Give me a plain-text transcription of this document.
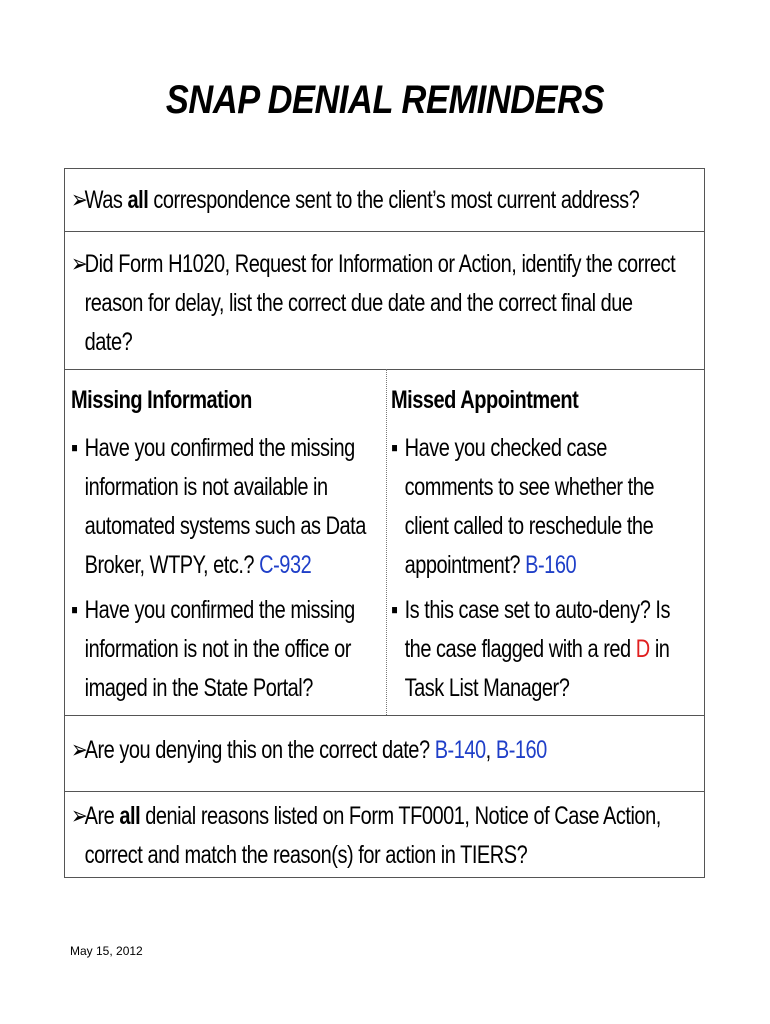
SNAP DENIAL REMINDERS
➢Was all correspondence sent to the client’s most current address?
➢Did Form H1020, Request for Information or Action, identify the correct
reason for delay, list the correct due date and the correct final due
date?
Missing Information
▪ Have you confirmed the missing
information is not available in
automated systems such as Data
Broker, WTPY, etc.? C-932
▪ Have you confirmed the missing
information is not in the office or
imaged in the State Portal?
Missed Appointment
▪ Have you checked case
comments to see whether the
client called to reschedule the
appointment? B-160
▪ Is this case set to auto-deny? Is
the case flagged with a red D in
Task List Manager?
➢Are you denying this on the correct date? B-140, B-160
➢Are all denial reasons listed on Form TF0001, Notice of Case Action,
correct and match the reason(s) for action in TIERS?
May 15, 2012
